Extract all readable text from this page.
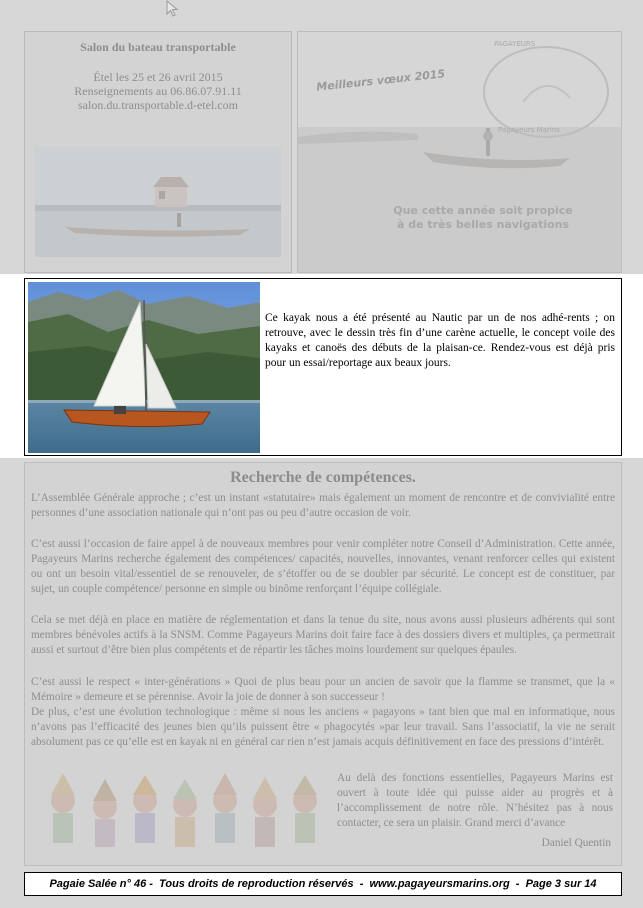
Salon du bateau transportable
Étel les 25 et 26 avril 2015
Renseignements au 06.86.07.91.11
salon.du.transportable.d-etel.com
Meilleurs vœux 2015
PAGAYEURS
Pagayeurs Marins
Que cette année soit propice
à de très belles navigations
Ce kayak nous a été présenté au Nautic par un de nos adhé-rents ; on retrouve, avec le dessin très fin d’une carène actuelle, le concept voile des kayaks et canoës des débuts de la plaisan-ce. Rendez-vous est déjà pris pour un essai/reportage aux beaux jours.
Recherche de compétences.

L’Assemblée Générale approche ; c’est un instant «statutaire» mais également un moment de rencontre et de convivialité entre personnes d’une association nationale qui n’ont pas ou peu d’autre occasion de voir.

C’est aussi l’occasion de faire appel à de nouveaux membres pour venir compléter notre Conseil d’Administration. Cette année, Pagayeurs Marins recherche également des compétences/ capacités, nouvelles, innovantes, venant renforcer celles qui existent ou ont un besoin vital/essentiel de se renouveler, de s’étoffer ou de se doubler par sécurité. Le concept est de constituer, par sujet, un couple compétence/ personne en simple ou binôme renforçant l’équipe collégiale.

Cela se met déjà en place en matière de réglementation et dans la tenue du site, nous avons aussi plusieurs adhérents qui sont membres bénévoles actifs à la SNSM. Comme Pagayeurs Marins doit faire face à des dossiers divers et multiples, ça permettrait aussi et surtout d’être bien plus compétents et de répartir les tâches moins lourdement sur quelques épaules.

C’est aussi le respect « inter-générations » Quoi de plus beau pour un ancien de savoir que la flamme se transmet, que la « Mémoire » demeure et se pérennise. Avoir la joie de donner à son successeur !

De plus, c’est une évolution technologique : même si nous les anciens « pagayons » tant bien que mal en informatique, nous n’avons pas l’efficacité des jeunes bien qu’ils puissent être « phagocytés »par leur travail. Sans l’associatif, la vie ne serait absolument pas ce qu’elle est en kayak ni en général car rien n’est jamais acquis définitivement en face des pressions d’intérêt.

Au delà des fonctions essentielles, Pagayeurs Marins est ouvert à toute idée qui puisse aider au progrès et à l’accomplissement de notre rôle. N’hésitez pas à nous contacter, ce sera un plaisir. Grand merci d’avance
Daniel Quentin
Pagaie Salée n° 46 -  Tous droits de reproduction réservés  -  www.pagayeursmarins.org  -  Page 3 sur 14
